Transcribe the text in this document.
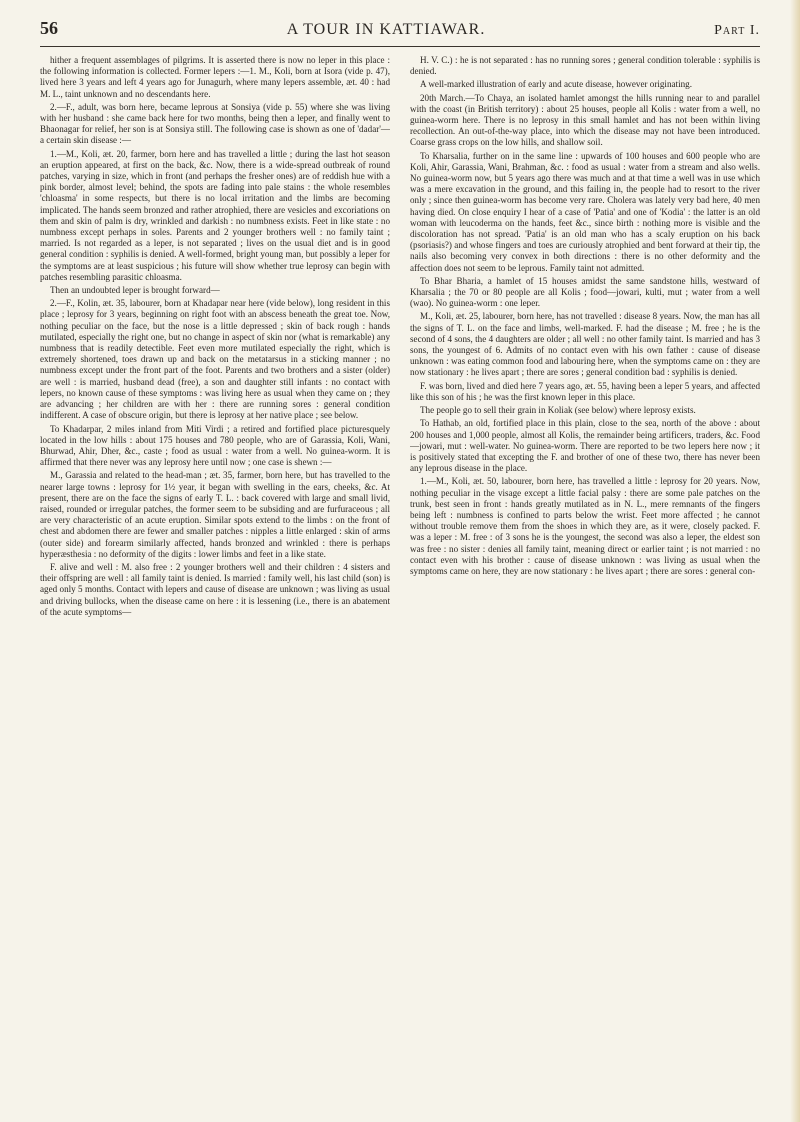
56	A TOUR IN KATTIAWAR.	Part I.

hither a frequent assemblages of pilgrims. It is asserted there is now no leper in this place : the following information is collected. Former lepers :—1. M., Koli, born at Isora (vide p. 47), lived here 3 years and left 4 years ago for Junagurh, where many lepers assemble, æt. 40 : had M. L., taint unknown and no descendants here.

2.—F., adult, was born here, became leprous at Sonsiya (vide p. 55) where she was living with her husband : she came back here for two months, being then a leper, and finally went to Bhaonagar for relief, her son is at Sonsiya still. The following case is shown as one of 'dadar'—a certain skin disease :—

1.—M., Koli, æt. 20, farmer, born here and has travelled a little ; during the last hot season an eruption appeared, at first on the back, &c. Now, there is a wide-spread outbreak of round patches, varying in size, which in front (and perhaps the fresher ones) are of reddish hue with a pink border, almost level; behind, the spots are fading into pale stains : the whole resembles 'chloasma' in some respects, but there is no local irritation and the limbs are becoming implicated. The hands seem bronzed and rather atrophied, there are vesicles and excoriations on them and skin of palm is dry, wrinkled and darkish : no numbness exists. Feet in like state : no numbness except perhaps in soles. Parents and 2 younger brothers well : no family taint ; married. Is not regarded as a leper, is not separated ; lives on the usual diet and is in good general condition : syphilis is denied. A well-formed, bright young man, but possibly a leper for the symptoms are at least suspicious ; his future will show whether true leprosy can begin with patches resembling parasitic chloasma.

Then an undoubted leper is brought forward—

2.—F., Kolin, æt. 35, labourer, born at Khadapar near here (vide below), long resident in this place ; leprosy for 3 years, beginning on right foot with an abscess beneath the great toe. Now, nothing peculiar on the face, but the nose is a little depressed ; skin of back rough : hands mutilated, especially the right one, but no change in aspect of skin nor (what is remarkable) any numbness that is readily detectible. Feet even more mutilated especially the right, which is extremely shortened, toes drawn up and back on the metatarsus in a sticking manner ; no numbness except under the front part of the foot. Parents and two brothers and a sister (older) are well : is married, husband dead (free), a son and daughter still infants : no contact with lepers, no known cause of these symptoms : was living here as usual when they came on ; they are advancing ; her children are with her : there are running sores : general condition indifferent. A case of obscure origin, but there is leprosy at her native place ; see below.

To Khadarpar, 2 miles inland from Miti Virdi ; a retired and fortified place picturesquely located in the low hills : about 175 houses and 780 people, who are of Garassia, Koli, Wani, Bhurwad, Ahir, Dher, &c., caste ; food as usual : water from a well. No guinea-worm. It is affirmed that there never was any leprosy here until now ; one case is shewn :—

M., Garassia and related to the head-man ; æt. 35, farmer, born here, but has travelled to the nearer large towns : leprosy for 1½ year, it began with swelling in the ears, cheeks, &c. At present, there are on the face the signs of early T. L. : back covered with large and small livid, raised, rounded or irregular patches, the former seem to be subsiding and are furfuraceous ; all are very characteristic of an acute eruption. Similar spots extend to the limbs : on the front of chest and abdomen there are fewer and smaller patches : nipples a little enlarged : skin of arms (outer side) and forearm similarly affected, hands bronzed and wrinkled : there is perhaps hyperæsthesia : no deformity of the digits : lower limbs and feet in a like state.

F. alive and well : M. also free : 2 younger brothers well and their children : 4 sisters and their offspring are well : all family taint is denied. Is married : family well, his last child (son) is aged only 5 months. Contact with lepers and cause of disease are unknown ; was living as usual and driving bullocks, when the disease came on here : it is lessening (i.e., there is an abatement of the acute symptoms—

H. V. C.) : he is not separated : has no running sores ; general condition tolerable : syphilis is denied.

A well-marked illustration of early and acute disease, however originating.

20th March.—To Chaya, an isolated hamlet amongst the hills running near to and parallel with the coast (in British territory) : about 25 houses, people all Kolis : water from a well, no guinea-worm here. There is no leprosy in this small hamlet and has not been within living recollection. An out-of-the-way place, into which the disease may not have been introduced. Coarse grass crops on the low hills, and shallow soil.

To Kharsalia, further on in the same line : upwards of 100 houses and 600 people who are Koli, Ahir, Garassia, Wani, Brahman, &c. : food as usual : water from a stream and also wells. No guinea-worm now, but 5 years ago there was much and at that time a well was in use which was a mere excavation in the ground, and this failing in, the people had to resort to the river only ; since then guinea-worm has become very rare. Cholera was lately very bad here, 40 men having died. On close enquiry I hear of a case of 'Patia' and one of 'Kodia' : the latter is an old woman with leucoderma on the hands, feet &c., since birth : nothing more is visible and the discoloration has not spread. 'Patia' is an old man who has a scaly eruption on his back (psoriasis?) and whose fingers and toes are curiously atrophied and bent forward at their tip, the nails also becoming very convex in both directions : there is no other deformity and the affection does not seem to be leprous. Family taint not admitted.

To Bhar Bharia, a hamlet of 15 houses amidst the same sandstone hills, westward of Kharsalia ; the 70 or 80 people are all Kolis ; food—jowari, kulti, mut ; water from a well (wao). No guinea-worm : one leper.

M., Koli, æt. 25, labourer, born here, has not travelled : disease 8 years. Now, the man has all the signs of T. L. on the face and limbs, well-marked. F. had the disease ; M. free ; he is the second of 4 sons, the 4 daughters are older ; all well : no other family taint. Is married and has 3 sons, the youngest of 6. Admits of no contact even with his own father : cause of disease unknown : was eating common food and labouring here, when the symptoms came on : they are now stationary : he lives apart ; there are sores ; general condition bad : syphilis is denied.

F. was born, lived and died here 7 years ago, æt. 55, having been a leper 5 years, and affected like this son of his ; he was the first known leper in this place.

The people go to sell their grain in Koliak (see below) where leprosy exists.

To Hathab, an old, fortified place in this plain, close to the sea, north of the above : about 200 houses and 1,000 people, almost all Kolis, the remainder being artificers, traders, &c. Food—jowari, mut : well-water. No guinea-worm. There are reported to be two lepers here now ; it is positively stated that excepting the F. and brother of one of these two, there has never been any leprous disease in the place.

1.—M., Koli, æt. 50, labourer, born here, has travelled a little : leprosy for 20 years. Now, nothing peculiar in the visage except a little facial palsy : there are some pale patches on the trunk, best seen in front : hands greatly mutilated as in N. L., mere remnants of the fingers being left : numbness is confined to parts below the wrist. Feet more affected ; he cannot without trouble remove them from the shoes in which they are, as it were, closely packed. F. was a leper : M. free : of 3 sons he is the youngest, the second was also a leper, the eldest son was free : no sister : denies all family taint, meaning direct or earlier taint ; is not married : no contact even with his brother : cause of disease unknown : was living as usual when the symptoms came on here, they are now stationary : he lives apart ; there are sores : general con-
